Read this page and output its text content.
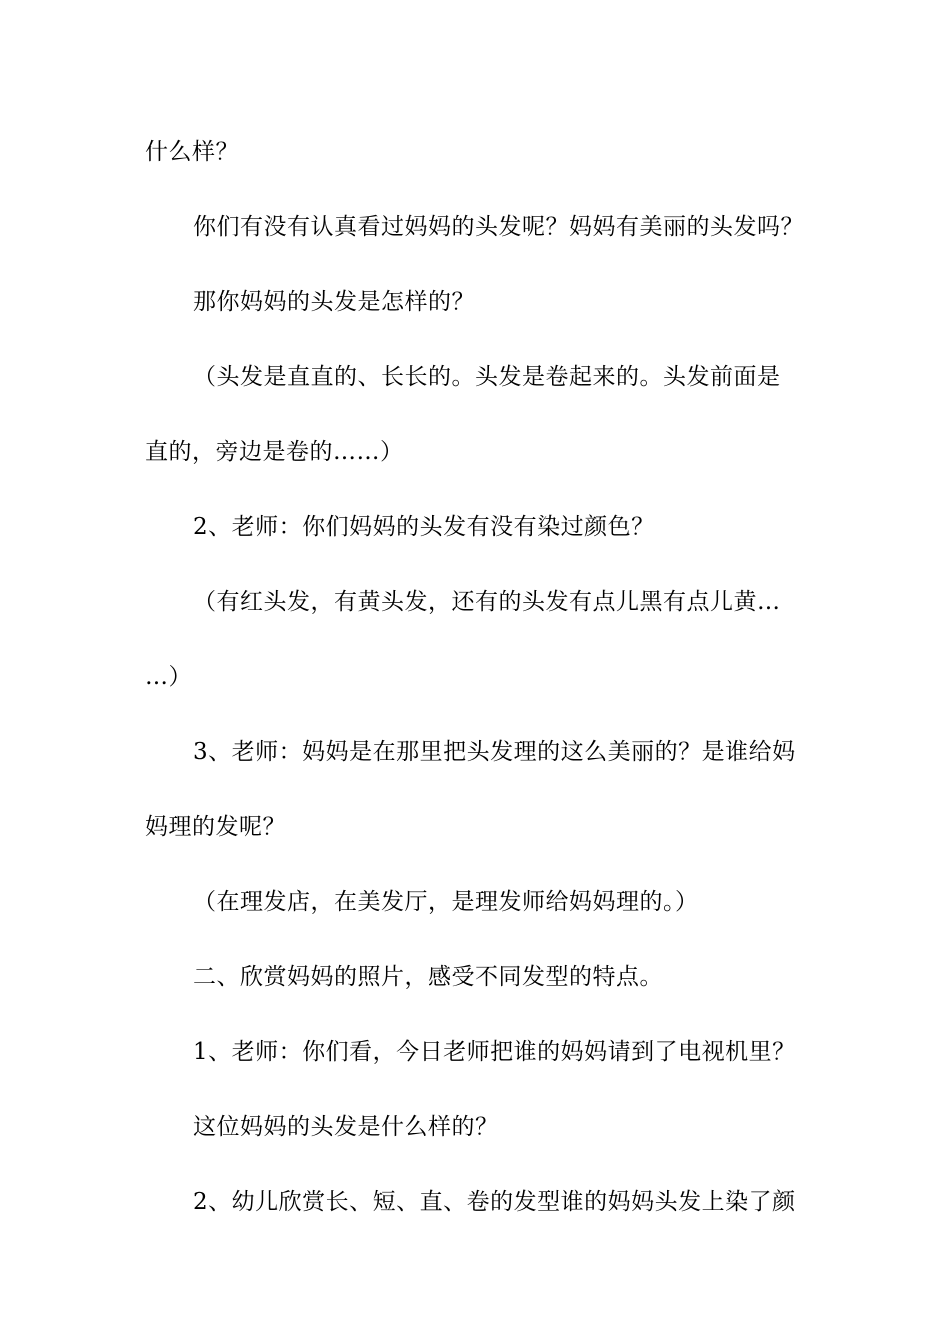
什么样？
你们有没有认真看过妈妈的头发呢？妈妈有美丽的头发吗？
那你妈妈的头发是怎样的？
（头发是直直的、长长的。头发是卷起来的。头发前面是
直的，旁边是卷的……）
2、老师：你们妈妈的头发有没有染过颜色？
（有红头发，有黄头发，还有的头发有点儿黑有点儿黄…
…）
3、老师：妈妈是在那里把头发理的这么美丽的？是谁给妈
妈理的发呢？
（在理发店，在美发厅，是理发师给妈妈理的。）
二、欣赏妈妈的照片，感受不同发型的特点。
1、老师：你们看，今日老师把谁的妈妈请到了电视机里？
这位妈妈的头发是什么样的？
2、幼儿欣赏长、短、直、卷的发型谁的妈妈头发上染了颜
